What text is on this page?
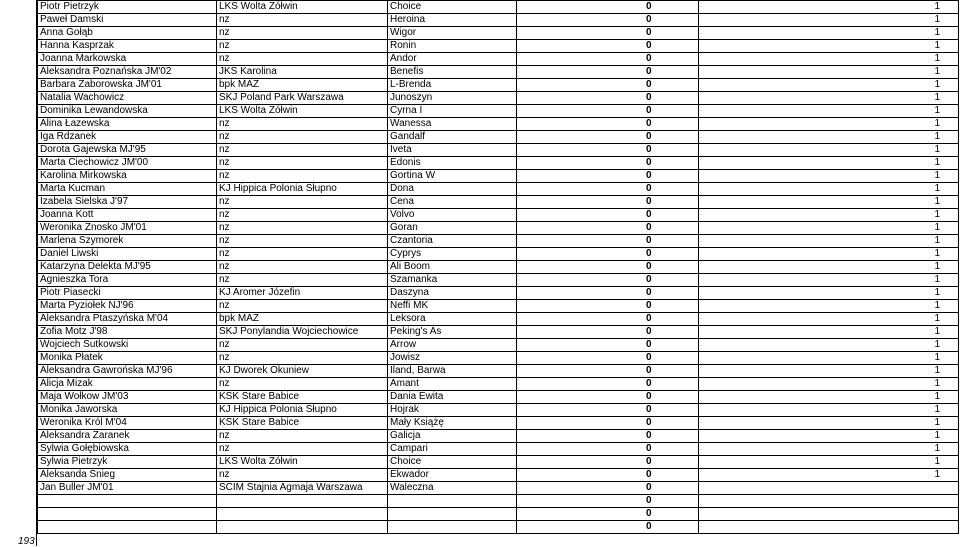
Piotr Pietrzyk	LKS Wolta Żółwin	Choice	0	1
Paweł Damski	nz	Heroina	0	1
Anna Gołąb	nz	Wigor	0	1
Hanna Kasprzak	nz	Ronin	0	1
Joanna Markowska	nz	Andor	0	1
Aleksandra Poznańska JM'02	JKS Karolina	Benefis	0	1
Barbara Zaborowska JM'01	bpk MAZ	L-Brenda	0	1
Natalia Wachowicz	SKJ Poland Park Warszawa	Junoszyn	0	1
Dominika Lewandowska	LKS Wolta Żółwin	Cyrna I	0	1
Alina Łazewska	nz	Wanessa	0	1
Iga Rdzanek	nz	Gandalf	0	1
Dorota Gajewska MJ'95	nz	Iveta	0	1
Marta Ciechowicz JM'00	nz	Edonis	0	1
Karolina Mirkowska	nz	Gortina W	0	1
Marta Kucman	KJ Hippica Polonia Słupno	Dona	0	1
Izabela Sielska J'97	nz	Cena	0	1
Joanna Kott	nz	Volvo	0	1
Weronika Znosko JM'01	nz	Goran	0	1
Marlena Szymorek	nz	Czantoria	0	1
Daniel Liwski	nz	Cyprys	0	1
Katarzyna Delekta MJ'95	nz	Ali Boom	0	1
Agnieszka Tora	nz	Szamanka	0	1
Piotr Piasecki	KJ Aromer Józefin	Daszyna	0	1
Marta Pyziołek NJ'96	nz	Neffi MK	0	1
Aleksandra Ptaszyńska M'04	bpk MAZ	Leksora	0	1
Zofia Motz J'98	SKJ Ponylandia Wojciechowice	Peking's As	0	1
Wojciech Sutkowski	nz	Arrow	0	1
Monika Płatek	nz	Jowisz	0	1
Aleksandra Gawrońska MJ'96	KJ Dworek Okuniew	Iland, Barwa	0	1
Alicja Mizak	nz	Amant	0	1
Maja Wołkow JM'03	KSK Stare Babice	Dania Ewita	0	1
Monika Jaworska	KJ Hippica Polonia Słupno	Hojrak	0	1
Weronika Król M'04	KSK Stare Babice	Mały Książę	0	1
Aleksandra Zaranek	nz	Galicja	0	1
Sylwia Gołębiowska	nz	Campari	0	1
Sylwia Pietrzyk	LKS Wolta Żółwin	Choice	0	1
Aleksanda Śnieg	nz	Ekwador	0	1
Jan Buller JM'01	SCIM Stajnia Agmaja Warszawa	Waleczna	0	
			0	
			0	
			0	
193
